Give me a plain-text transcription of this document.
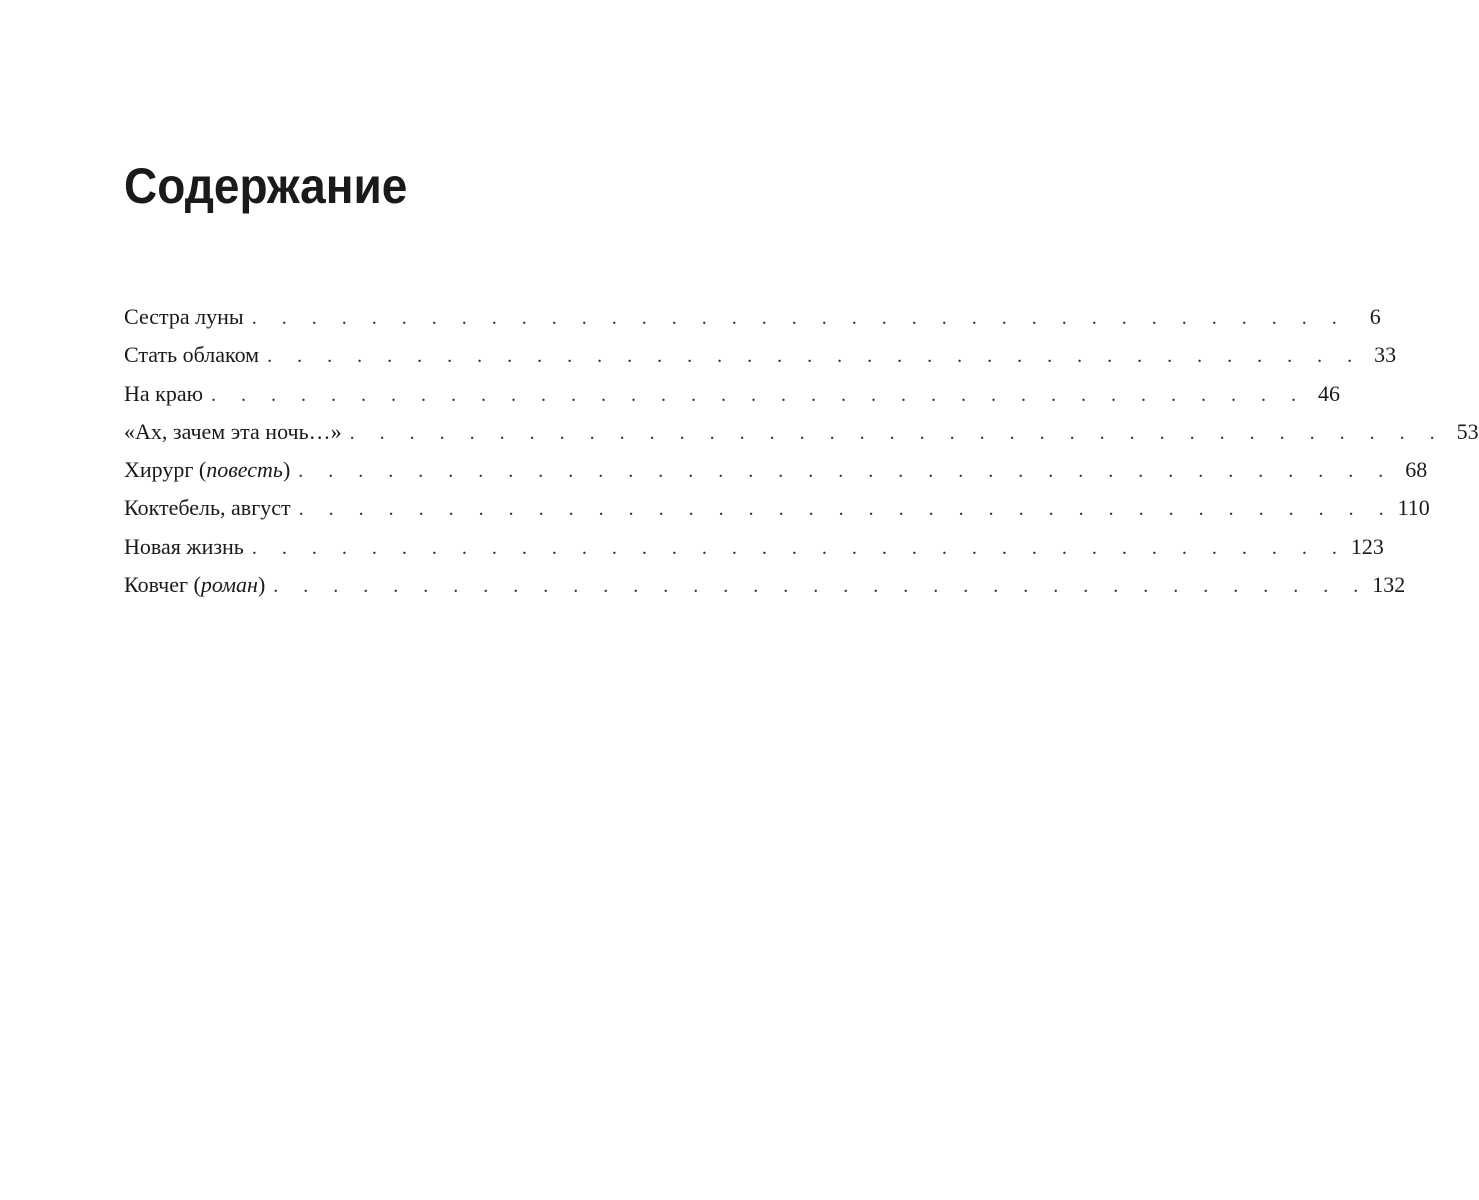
Содержание
Сестра луны . . . . . . . . . . . . . . . . . . . . . . . . . . . . . . . . . . . . .	6
Стать облаком . . . . . . . . . . . . . . . . . . . . . . . . . . . . . . . . . . . . . 33
На краю . . . . . . . . . . . . . . . . . . . . . . . . . . . . . . . . . . . . . 46
«Ах, зачем эта ночь…» . . . . . . . . . . . . . . . . . . . . . . . . . . . . . . . . . . . . . 53
Хирург (повесть) . . . . . . . . . . . . . . . . . . . . . . . . . . . . . . . . . . . . . 68
Коктебель, август . . . . . . . . . . . . . . . . . . . . . . . . . . . . . . . . . . . . . 110
Новая жизнь . . . . . . . . . . . . . . . . . . . . . . . . . . . . . . . . . . . . . 123
Ковчег (роман) . . . . . . . . . . . . . . . . . . . . . . . . . . . . . . . . . . . . . 132
